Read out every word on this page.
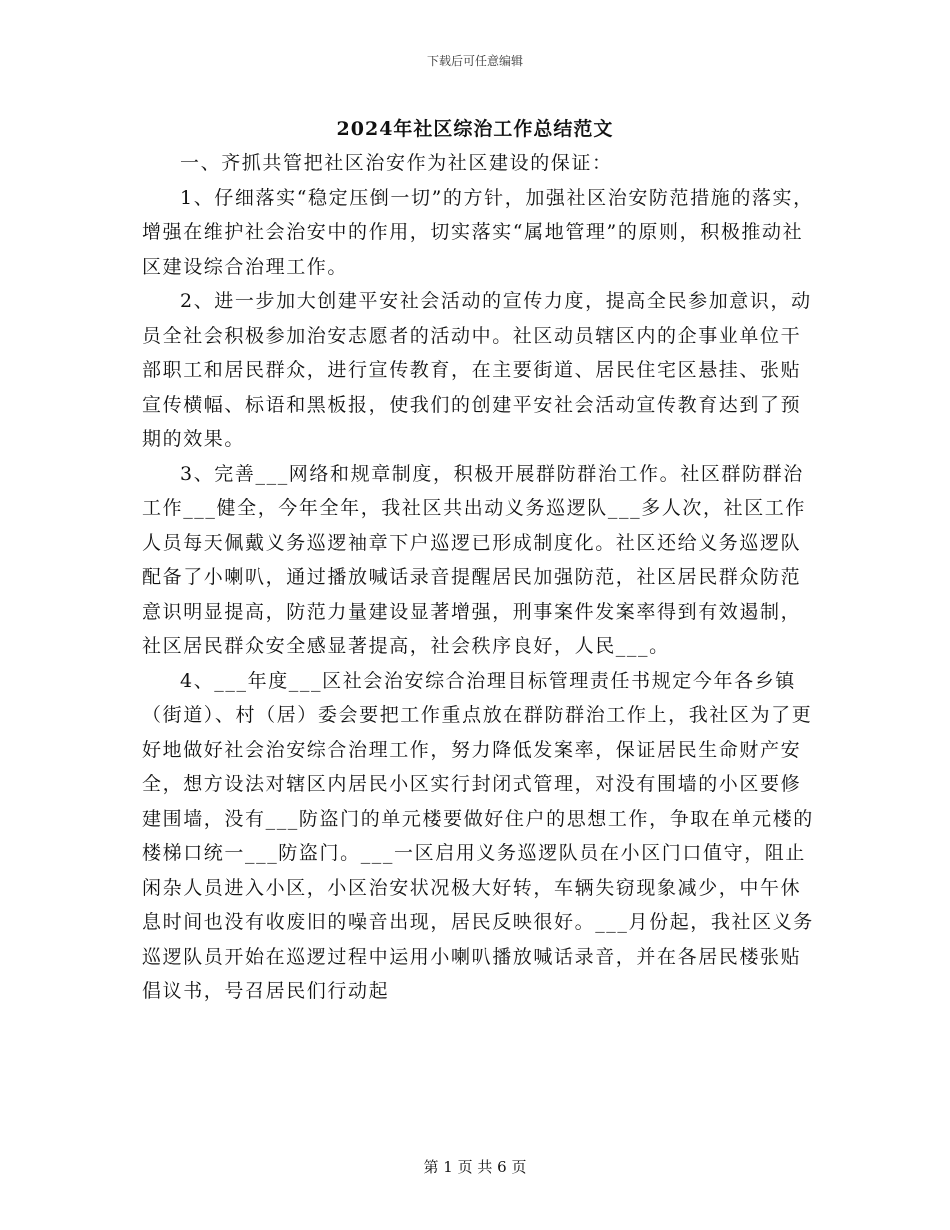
下载后可任意编辑
2024年社区综治工作总结范文

一、齐抓共管把社区治安作为社区建设的保证：

1、仔细落实“稳定压倒一切”的方针，加强社区治安防范措施的落实，增强在维护社会治安中的作用，切实落实“属地管理”的原则，积极推动社区建设综合治理工作。

2、进一步加大创建平安社会活动的宣传力度，提高全民参加意识，动员全社会积极参加治安志愿者的活动中。社区动员辖区内的企事业单位干部职工和居民群众，进行宣传教育，在主要街道、居民住宅区悬挂、张贴宣传横幅、标语和黑板报，使我们的创建平安社会活动宣传教育达到了预期的效果。

3、完善___网络和规章制度，积极开展群防群治工作。社区群防群治工作___健全，今年全年，我社区共出动义务巡逻队___多人次，社区工作人员每天佩戴义务巡逻袖章下户巡逻已形成制度化。社区还给义务巡逻队配备了小喇叭，通过播放喊话录音提醒居民加强防范，社区居民群众防范意识明显提高，防范力量建设显著增强，刑事案件发案率得到有效遏制，社区居民群众安全感显著提高，社会秩序良好，人民___。

4、___年度___区社会治安综合治理目标管理责任书规定今年各乡镇（街道）、村（居）委会要把工作重点放在群防群治工作上，我社区为了更好地做好社会治安综合治理工作，努力降低发案率，保证居民生命财产安全，想方设法对辖区内居民小区实行封闭式管理，对没有围墙的小区要修建围墙，没有___防盗门的单元楼要做好住户的思想工作，争取在单元楼的楼梯口统一___防盗门。___一区启用义务巡逻队员在小区门口值守，阻止闲杂人员进入小区，小区治安状况极大好转，车辆失窃现象减少，中午休息时间也没有收废旧的噪音出现，居民反映很好。___月份起，我社区义务巡逻队员开始在巡逻过程中运用小喇叭播放喊话录音，并在各居民楼张贴倡议书，号召居民们行动起

第 1 页 共 6 页
